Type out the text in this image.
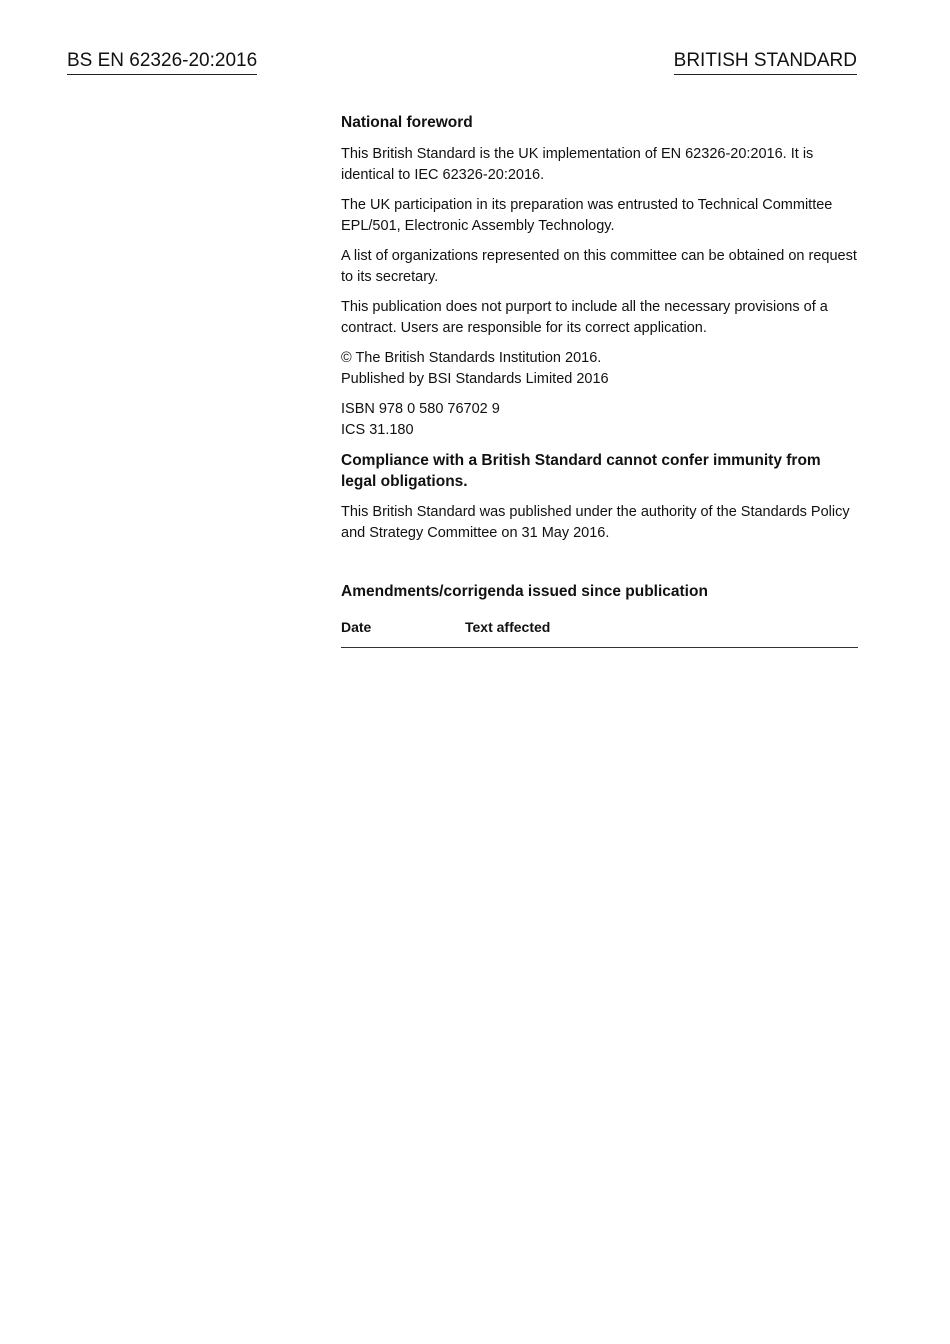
BS EN 62326-20:2016	BRITISH STANDARD
National foreword

This British Standard is the UK implementation of EN 62326-20:2016. It is identical to IEC 62326-20:2016.

The UK participation in its preparation was entrusted to Technical Committee EPL/501, Electronic Assembly Technology.

A list of organizations represented on this committee can be obtained on request to its secretary.

This publication does not purport to include all the necessary provisions of a contract. Users are responsible for its correct application.

© The British Standards Institution 2016.
Published by BSI Standards Limited 2016

ISBN 978 0 580 76702 9
ICS 31.180

Compliance with a British Standard cannot confer immunity from legal obligations.

This British Standard was published under the authority of the Standards Policy and Strategy Committee on 31 May 2016.

Amendments/corrigenda issued since publication
Date	Text affected
